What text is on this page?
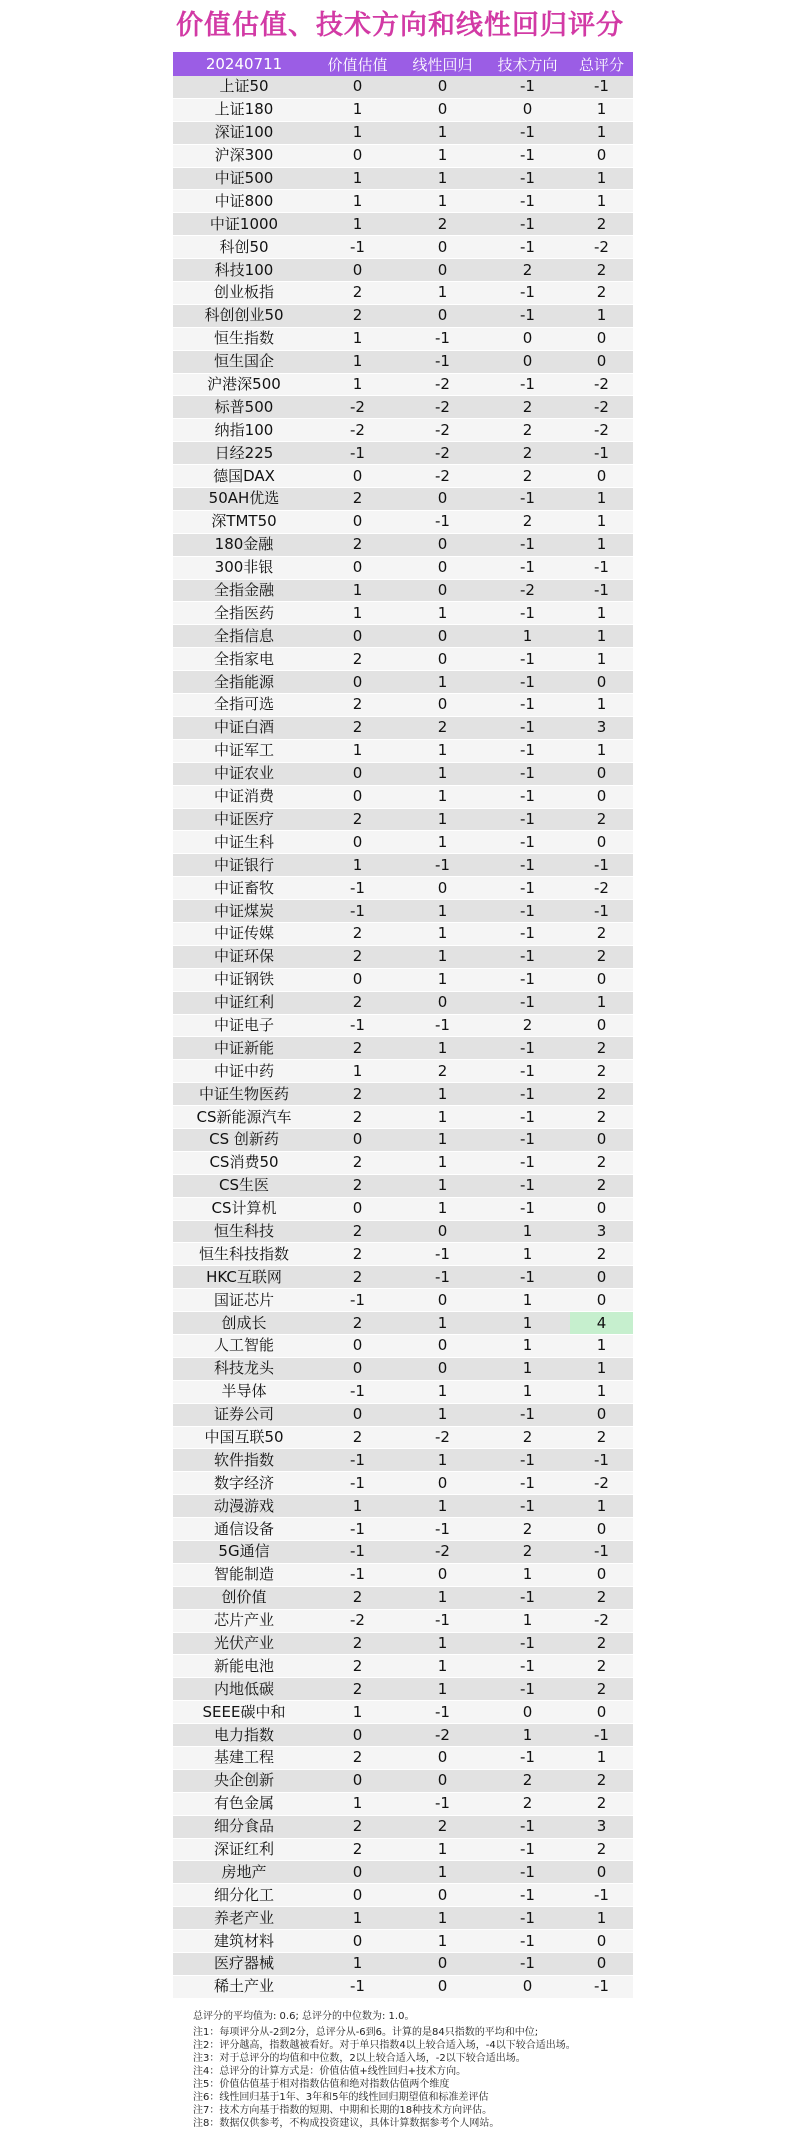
价值估值、技术方向和线性回归评分
20240711	价值估值	线性回归	技术方向	总评分
上证50	0	0	-1	-1
上证180	1	0	0	1
深证100	1	1	-1	1
沪深300	0	1	-1	0
中证500	1	1	-1	1
中证800	1	1	-1	1
中证1000	1	2	-1	2
科创50	-1	0	-1	-2
科技100	0	0	2	2
创业板指	2	1	-1	2
科创创业50	2	0	-1	1
恒生指数	1	-1	0	0
恒生国企	1	-1	0	0
沪港深500	1	-2	-1	-2
标普500	-2	-2	2	-2
纳指100	-2	-2	2	-2
日经225	-1	-2	2	-1
德国DAX	0	-2	2	0
50AH优选	2	0	-1	1
深TMT50	0	-1	2	1
180金融	2	0	-1	1
300非银	0	0	-1	-1
全指金融	1	0	-2	-1
全指医药	1	1	-1	1
全指信息	0	0	1	1
全指家电	2	0	-1	1
全指能源	0	1	-1	0
全指可选	2	0	-1	1
中证白酒	2	2	-1	3
中证军工	1	1	-1	1
中证农业	0	1	-1	0
中证消费	0	1	-1	0
中证医疗	2	1	-1	2
中证生科	0	1	-1	0
中证银行	1	-1	-1	-1
中证畜牧	-1	0	-1	-2
中证煤炭	-1	1	-1	-1
中证传媒	2	1	-1	2
中证环保	2	1	-1	2
中证钢铁	0	1	-1	0
中证红利	2	0	-1	1
中证电子	-1	-1	2	0
中证新能	2	1	-1	2
中证中药	1	2	-1	2
中证生物医药	2	1	-1	2
CS新能源汽车	2	1	-1	2
CS 创新药	0	1	-1	0
CS消费50	2	1	-1	2
CS生医	2	1	-1	2
CS计算机	0	1	-1	0
恒生科技	2	0	1	3
恒生科技指数	2	-1	1	2
HKC互联网	2	-1	-1	0
国证芯片	-1	0	1	0
创成长	2	1	1	4
人工智能	0	0	1	1
科技龙头	0	0	1	1
半导体	-1	1	1	1
证券公司	0	1	-1	0
中国互联50	2	-2	2	2
软件指数	-1	1	-1	-1
数字经济	-1	0	-1	-2
动漫游戏	1	1	-1	1
通信设备	-1	-1	2	0
5G通信	-1	-2	2	-1
智能制造	-1	0	1	0
创价值	2	1	-1	2
芯片产业	-2	-1	1	-2
光伏产业	2	1	-1	2
新能电池	2	1	-1	2
内地低碳	2	1	-1	2
SEEE碳中和	1	-1	0	0
电力指数	0	-2	1	-1
基建工程	2	0	-1	1
央企创新	0	0	2	2
有色金属	1	-1	2	2
细分食品	2	2	-1	3
深证红利	2	1	-1	2
房地产	0	1	-1	0
细分化工	0	0	-1	-1
养老产业	1	1	-1	1
建筑材料	0	1	-1	0
医疗器械	1	0	-1	0
稀土产业	-1	0	0	-1
总评分的平均值为: 0.6; 总评分的中位数为: 1.0。
注1：每项评分从-2到2分，总评分从-6到6。计算的是84只指数的平均和中位;
注2：评分越高，指数越被看好。对于单只指数4以上较合适入场，-4以下较合适出场。
注3：对于总评分的均值和中位数，2以上较合适入场，-2以下较合适出场。
注4：总评分的计算方式是：价值估值+线性回归+技术方向。
注5：价值估值基于相对指数估值和绝对指数估值两个维度
注6：线性回归基于1年、3年和5年的线性回归期望值和标准差评估
注7：技术方向基于指数的短期、中期和长期的18种技术方向评估。
注8：数据仅供参考，不构成投资建议，具体计算数据参考个人网站。
